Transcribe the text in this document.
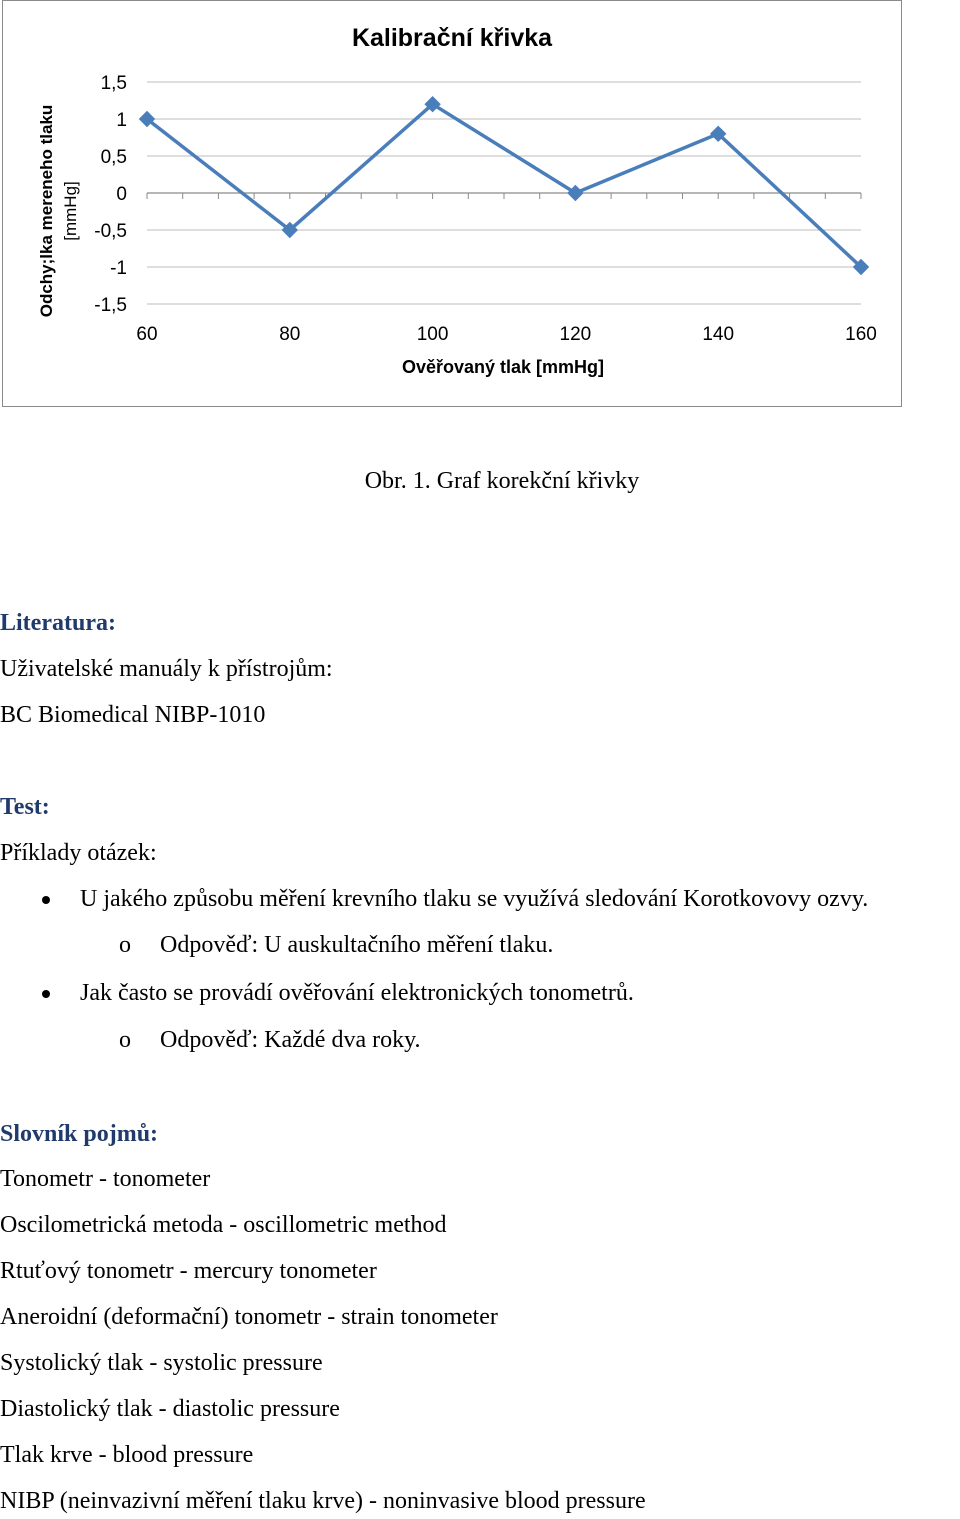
1,5
1
0,5
0
-0,5
-1
-1,5
60	80	100	120	140	160
Kalibrační křivka
Ověřovaný tlak [mmHg]
Odchy;lka mereneho tlaku [mmHg]
Obr. 1. Graf korekční křivky
Literatura:
Uživatelské manuály k přístrojům:
BC Biomedical NIBP-1010
Test:
Příklady otázek:
U jakého způsobu měření krevního tlaku se využívá sledování Korotkovovy ozvy.
o Odpověď: U auskultačního měření tlaku.
Jak často se provádí ověřování elektronických tonometrů.
o Odpověď: Každé dva roky.
Slovník pojmů:
Tonometr - tonometer
Oscilometrická metoda - oscillometric method
Rtuťový tonometr - mercury tonometer
Aneroidní (deformační) tonometr - strain tonometer
Systolický tlak - systolic pressure
Diastolický tlak - diastolic pressure
Tlak krve - blood pressure
NIBP (neinvazivní měření tlaku krve) - noninvasive blood pressure
